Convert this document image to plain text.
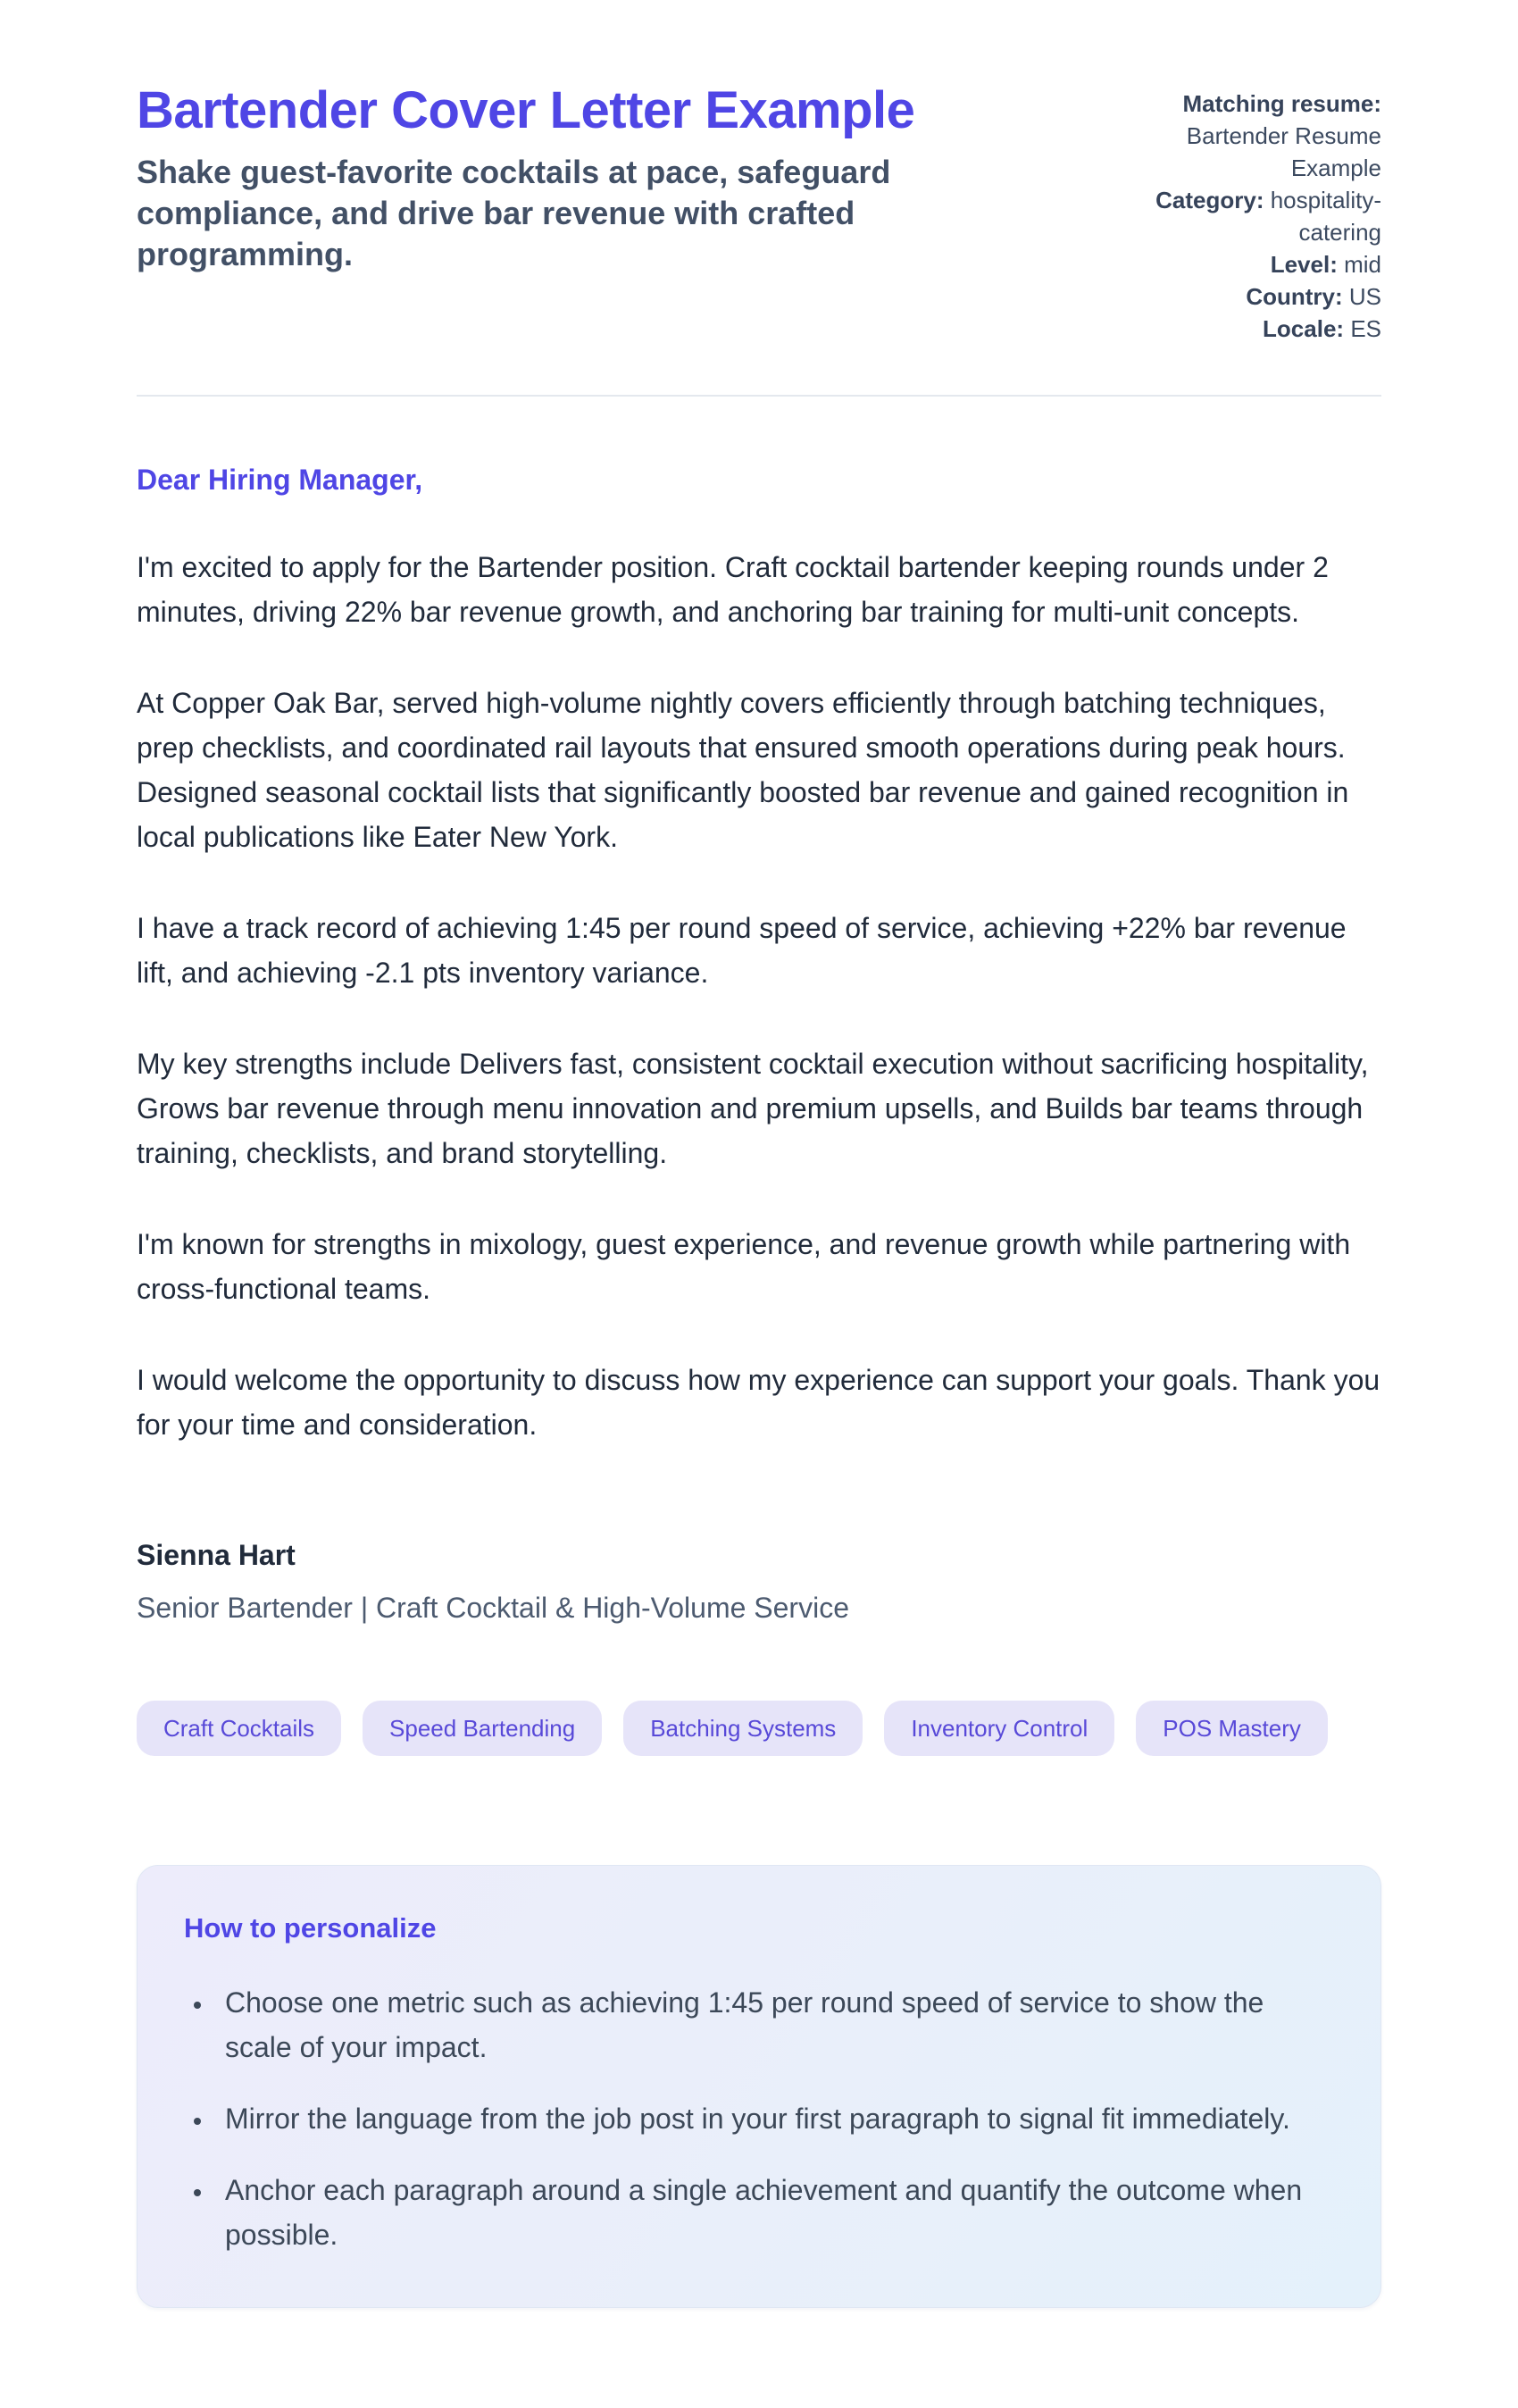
Bartender Cover Letter Example
Shake guest-favorite cocktails at pace, safeguard compliance, and drive bar revenue with crafted programming.
Matching resume: Bartender Resume Example
Category: hospitality-catering
Level: mid
Country: US
Locale: ES
Dear Hiring Manager,

I'm excited to apply for the Bartender position. Craft cocktail bartender keeping rounds under 2 minutes, driving 22% bar revenue growth, and anchoring bar training for multi-unit concepts.

At Copper Oak Bar, served high-volume nightly covers efficiently through batching techniques, prep checklists, and coordinated rail layouts that ensured smooth operations during peak hours. Designed seasonal cocktail lists that significantly boosted bar revenue and gained recognition in local publications like Eater New York.

I have a track record of achieving 1:45 per round speed of service, achieving +22% bar revenue lift, and achieving -2.1 pts inventory variance.

My key strengths include Delivers fast, consistent cocktail execution without sacrificing hospitality, Grows bar revenue through menu innovation and premium upsells, and Builds bar teams through training, checklists, and brand storytelling.

I'm known for strengths in mixology, guest experience, and revenue growth while partnering with cross-functional teams.

I would welcome the opportunity to discuss how my experience can support your goals. Thank you for your time and consideration.

Sienna Hart
Senior Bartender | Craft Cocktail & High-Volume Service
Craft Cocktails	Speed Bartending	Batching Systems	Inventory Control	POS Mastery
How to personalize
• Choose one metric such as achieving 1:45 per round speed of service to show the scale of your impact.
• Mirror the language from the job post in your first paragraph to signal fit immediately.
• Anchor each paragraph around a single achievement and quantify the outcome when possible.
